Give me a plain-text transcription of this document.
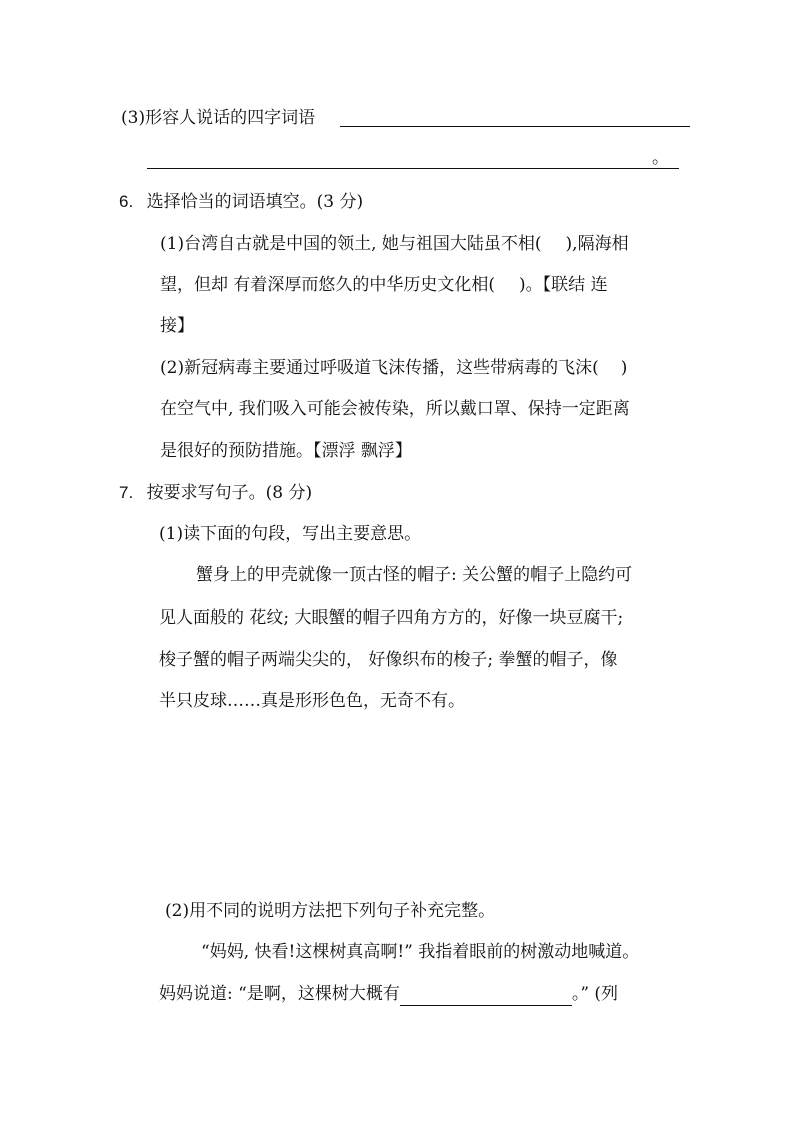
(3)形容人说话的四字词语
。
6. 选择恰当的词语填空。(3 分)
(1)台湾自古就是中国的领土, 她与祖国大陆虽不相( ),隔海相
望，但却 有着深厚而悠久的中华历史文化相( )。【联结 连
接】
(2)新冠病毒主要通过呼吸道飞沫传播，这些带病毒的飞沫( )
在空气中, 我们吸入可能会被传染，所以戴口罩、保持一定距离
是很好的预防措施。【漂浮 飘浮】
7. 按要求写句子。(8 分)
(1)读下面的句段，写出主要意思。
蟹身上的甲壳就像一顶古怪的帽子: 关公蟹的帽子上隐约可
见人面般的 花纹; 大眼蟹的帽子四角方方的，好像一块豆腐干;
梭子蟹的帽子两端尖尖的， 好像织布的梭子; 拳蟹的帽子，像
半只皮球……真是形形色色，无奇不有。
(2)用不同的说明方法把下列句子补充完整。
“妈妈, 快看!这棵树真高啊!” 我指着眼前的树激动地喊道。
妈妈说道: “是啊，这棵树大概有	。” (列
